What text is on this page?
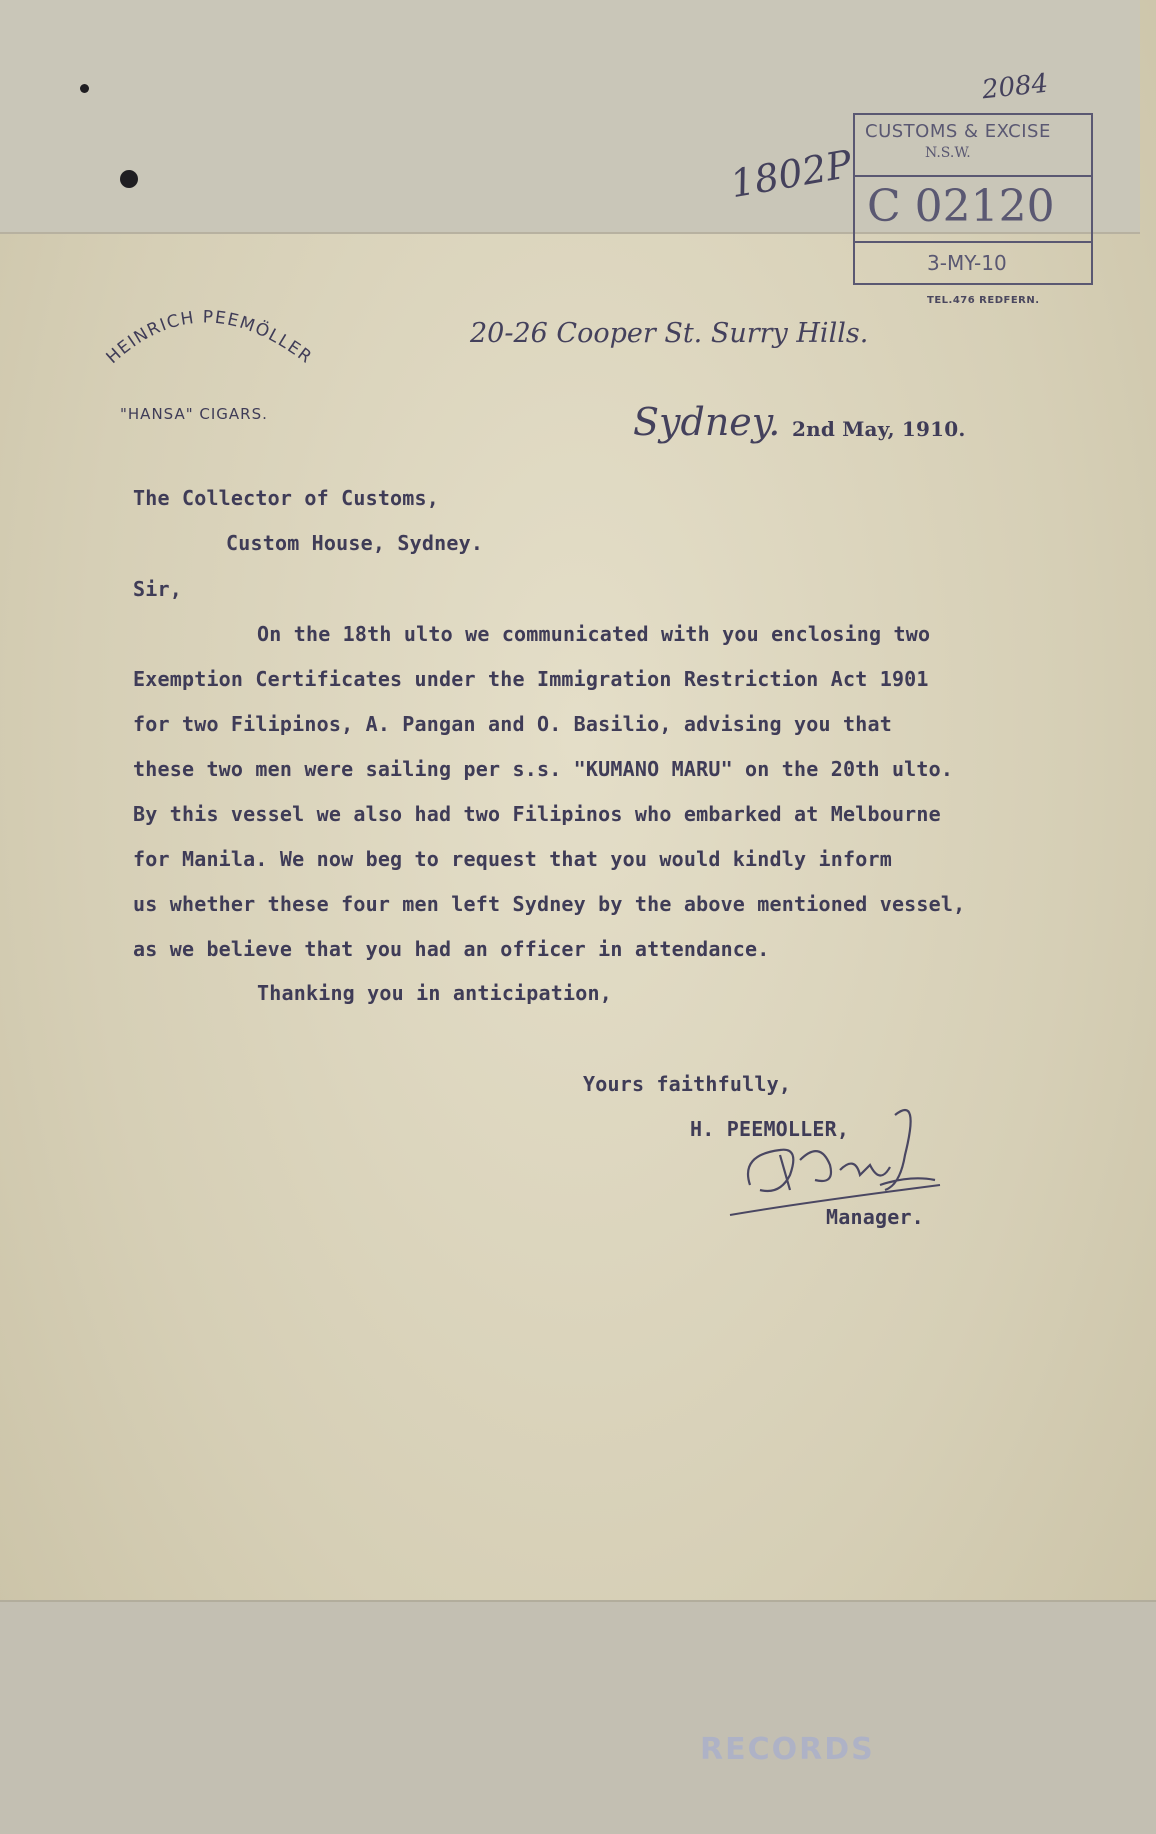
2084
1802P
CUSTOMS & EXCISE
N.S.W.
C 02120
3-MY-10
TEL.476 REDFERN.
HEINRICH PEEMÖLLER
"HANSA" CIGARS.
20-26 Cooper St. Surry Hills.
Sydney. 2nd May, 1910.
The Collector of Customs,
Custom House, Sydney.
Sir,
On the 18th ulto we communicated with you enclosing two
Exemption Certificates under the Immigration Restriction Act 1901
for two Filipinos, A. Pangan and O. Basilio, advising you that
these two men were sailing per s.s. "KUMANO MARU" on the 20th ulto.
By this vessel we also had two Filipinos who embarked at Melbourne
for Manila. We now beg to request that you would kindly inform
us whether these four men left Sydney by the above mentioned vessel,
as we believe that you had an officer in attendance.
Thanking you in anticipation,
Yours faithfully,
H. PEEMOLLER,
Manager.
RECORDS
